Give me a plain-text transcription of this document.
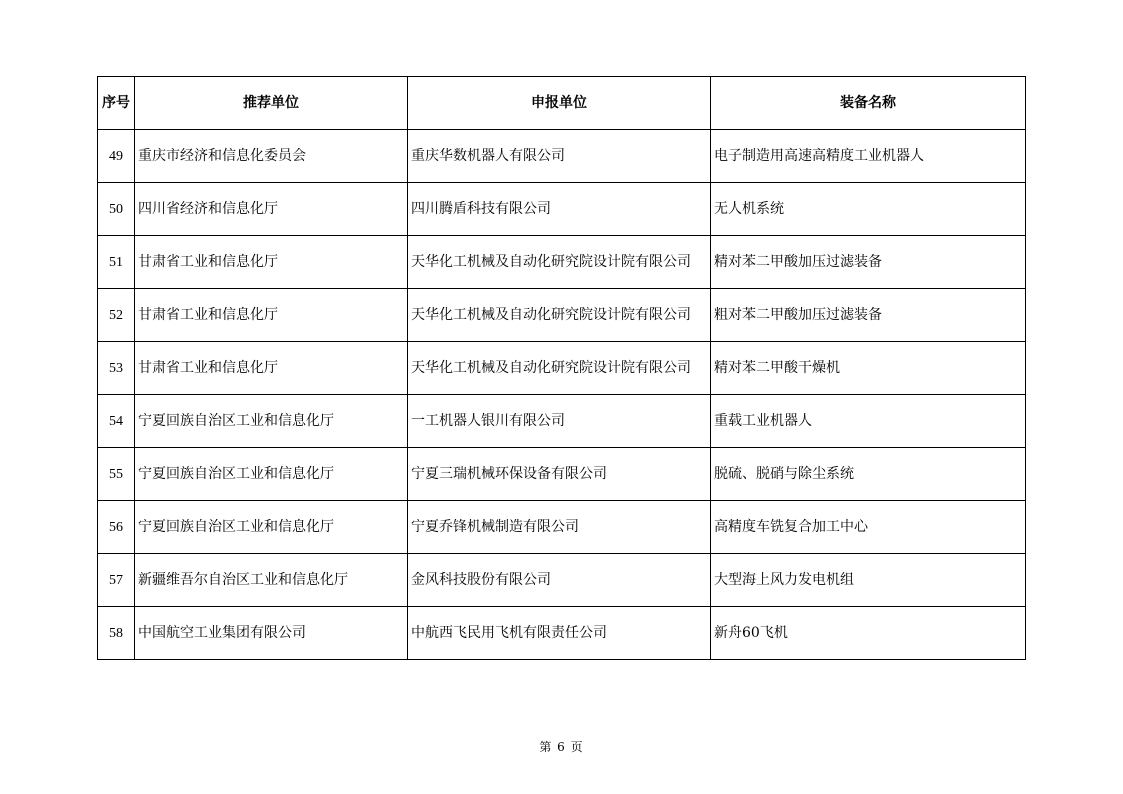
序号	推荐单位	申报单位	装备名称
49	重庆市经济和信息化委员会	重庆华数机器人有限公司	电子制造用高速高精度工业机器人
50	四川省经济和信息化厅	四川腾盾科技有限公司	无人机系统
51	甘肃省工业和信息化厅	天华化工机械及自动化研究院设计院有限公司	精对苯二甲酸加压过滤装备
52	甘肃省工业和信息化厅	天华化工机械及自动化研究院设计院有限公司	粗对苯二甲酸加压过滤装备
53	甘肃省工业和信息化厅	天华化工机械及自动化研究院设计院有限公司	精对苯二甲酸干燥机
54	宁夏回族自治区工业和信息化厅	一工机器人银川有限公司	重载工业机器人
55	宁夏回族自治区工业和信息化厅	宁夏三瑞机械环保设备有限公司	脱硫、脱硝与除尘系统
56	宁夏回族自治区工业和信息化厅	宁夏乔锋机械制造有限公司	高精度车铣复合加工中心
57	新疆维吾尔自治区工业和信息化厅	金风科技股份有限公司	大型海上风力发电机组
58	中国航空工业集团有限公司	中航西飞民用飞机有限责任公司	新舟60飞机
第 6 页
